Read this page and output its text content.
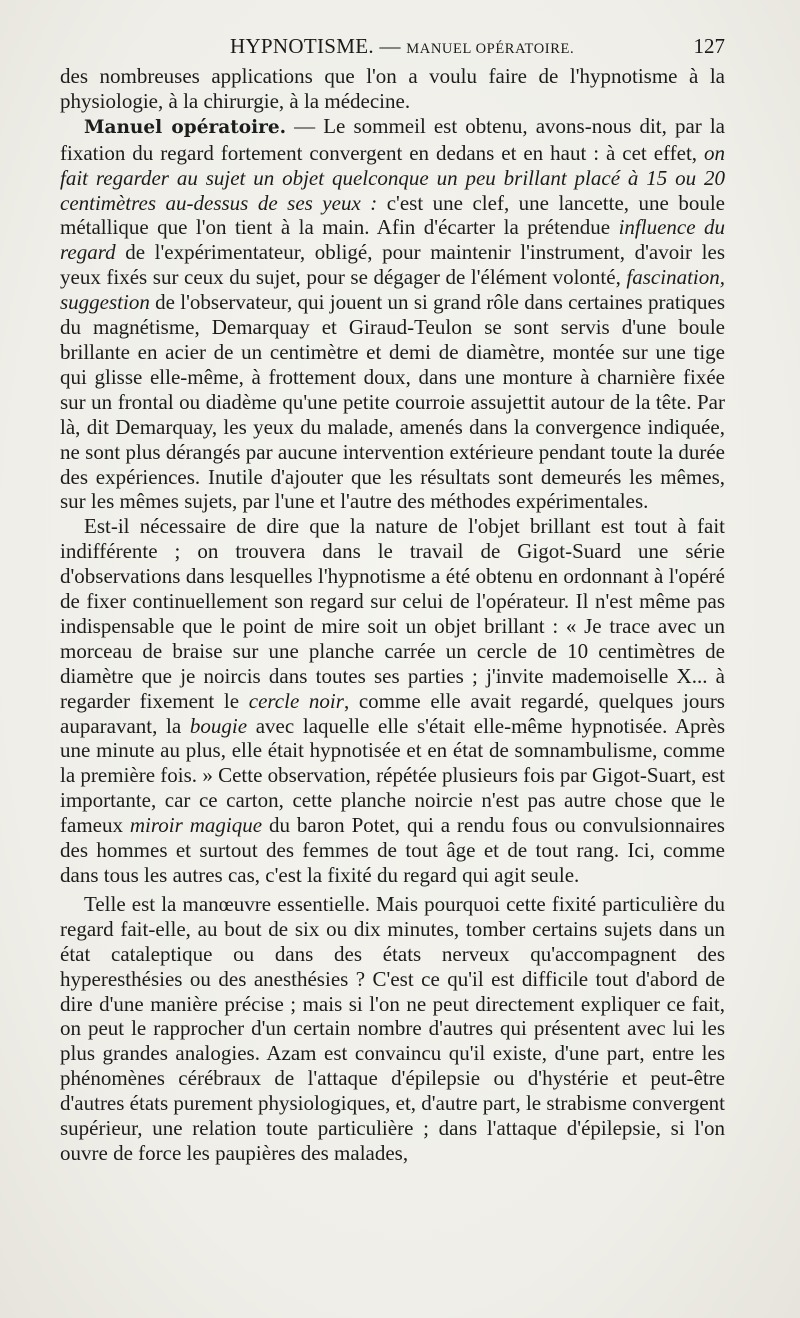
HYPNOTISME. — MANUEL OPÉRATOIRE.	127

des nombreuses applications que l'on a voulu faire de l'hypnotisme à la physiologie, à la chirurgie, à la médecine.

Manuel opératoire. — Le sommeil est obtenu, avons-nous dit, par la fixation du regard fortement convergent en dedans et en haut : à cet effet, on fait regarder au sujet un objet quelconque un peu brillant placé à 15 ou 20 centimètres au-dessus de ses yeux : c'est une clef, une lancette, une boule métallique que l'on tient à la main. Afin d'écarter la prétendue influence du regard de l'expérimentateur, obligé, pour maintenir l'instrument, d'avoir les yeux fixés sur ceux du sujet, pour se dégager de l'élément volonté, fascination, suggestion de l'observateur, qui jouent un si grand rôle dans certaines pratiques du magnétisme, Demarquay et Giraud-Teulon se sont servis d'une boule brillante en acier de un centimètre et demi de diamètre, montée sur une tige qui glisse elle-même, à frottement doux, dans une monture à charnière fixée sur un frontal ou diadème qu'une petite courroie assujettit autour de la tête. Par là, dit Demarquay, les yeux du malade, amenés dans la convergence indiquée, ne sont plus dérangés par aucune intervention extérieure pendant toute la durée des expériences. Inutile d'ajouter que les résultats sont demeurés les mêmes, sur les mêmes sujets, par l'une et l'autre des méthodes expérimentales.

Est-il nécessaire de dire que la nature de l'objet brillant est tout à fait indifférente ; on trouvera dans le travail de Gigot-Suard une série d'observations dans lesquelles l'hypnotisme a été obtenu en ordonnant à l'opéré de fixer continuellement son regard sur celui de l'opérateur. Il n'est même pas indispensable que le point de mire soit un objet brillant : « Je trace avec un morceau de braise sur une planche carrée un cercle de 10 centimètres de diamètre que je noircis dans toutes ses parties ; j'invite mademoiselle X... à regarder fixement le cercle noir, comme elle avait regardé, quelques jours auparavant, la bougie avec laquelle elle s'était elle-même hypnotisée. Après une minute au plus, elle était hypnotisée et en état de somnambulisme, comme la première fois. » Cette observation, répétée plusieurs fois par Gigot-Suart, est importante, car ce carton, cette planche noircie n'est pas autre chose que le fameux miroir magique du baron Potet, qui a rendu fous ou convulsionnaires des hommes et surtout des femmes de tout âge et de tout rang. Ici, comme dans tous les autres cas, c'est la fixité du regard qui agit seule.

Telle est la manœuvre essentielle. Mais pourquoi cette fixité particulière du regard fait-elle, au bout de six ou dix minutes, tomber certains sujets dans un état cataleptique ou dans des états nerveux qu'accompagnent des hyperesthésies ou des anesthésies ? C'est ce qu'il est difficile tout d'abord de dire d'une manière précise ; mais si l'on ne peut directement expliquer ce fait, on peut le rapprocher d'un certain nombre d'autres qui présentent avec lui les plus grandes analogies. Azam est convaincu qu'il existe, d'une part, entre les phénomènes cérébraux de l'attaque d'épilepsie ou d'hystérie et peut-être d'autres états purement physiologiques, et, d'autre part, le strabisme convergent supérieur, une relation toute particulière ; dans l'attaque d'épilepsie, si l'on ouvre de force les paupières des malades,
